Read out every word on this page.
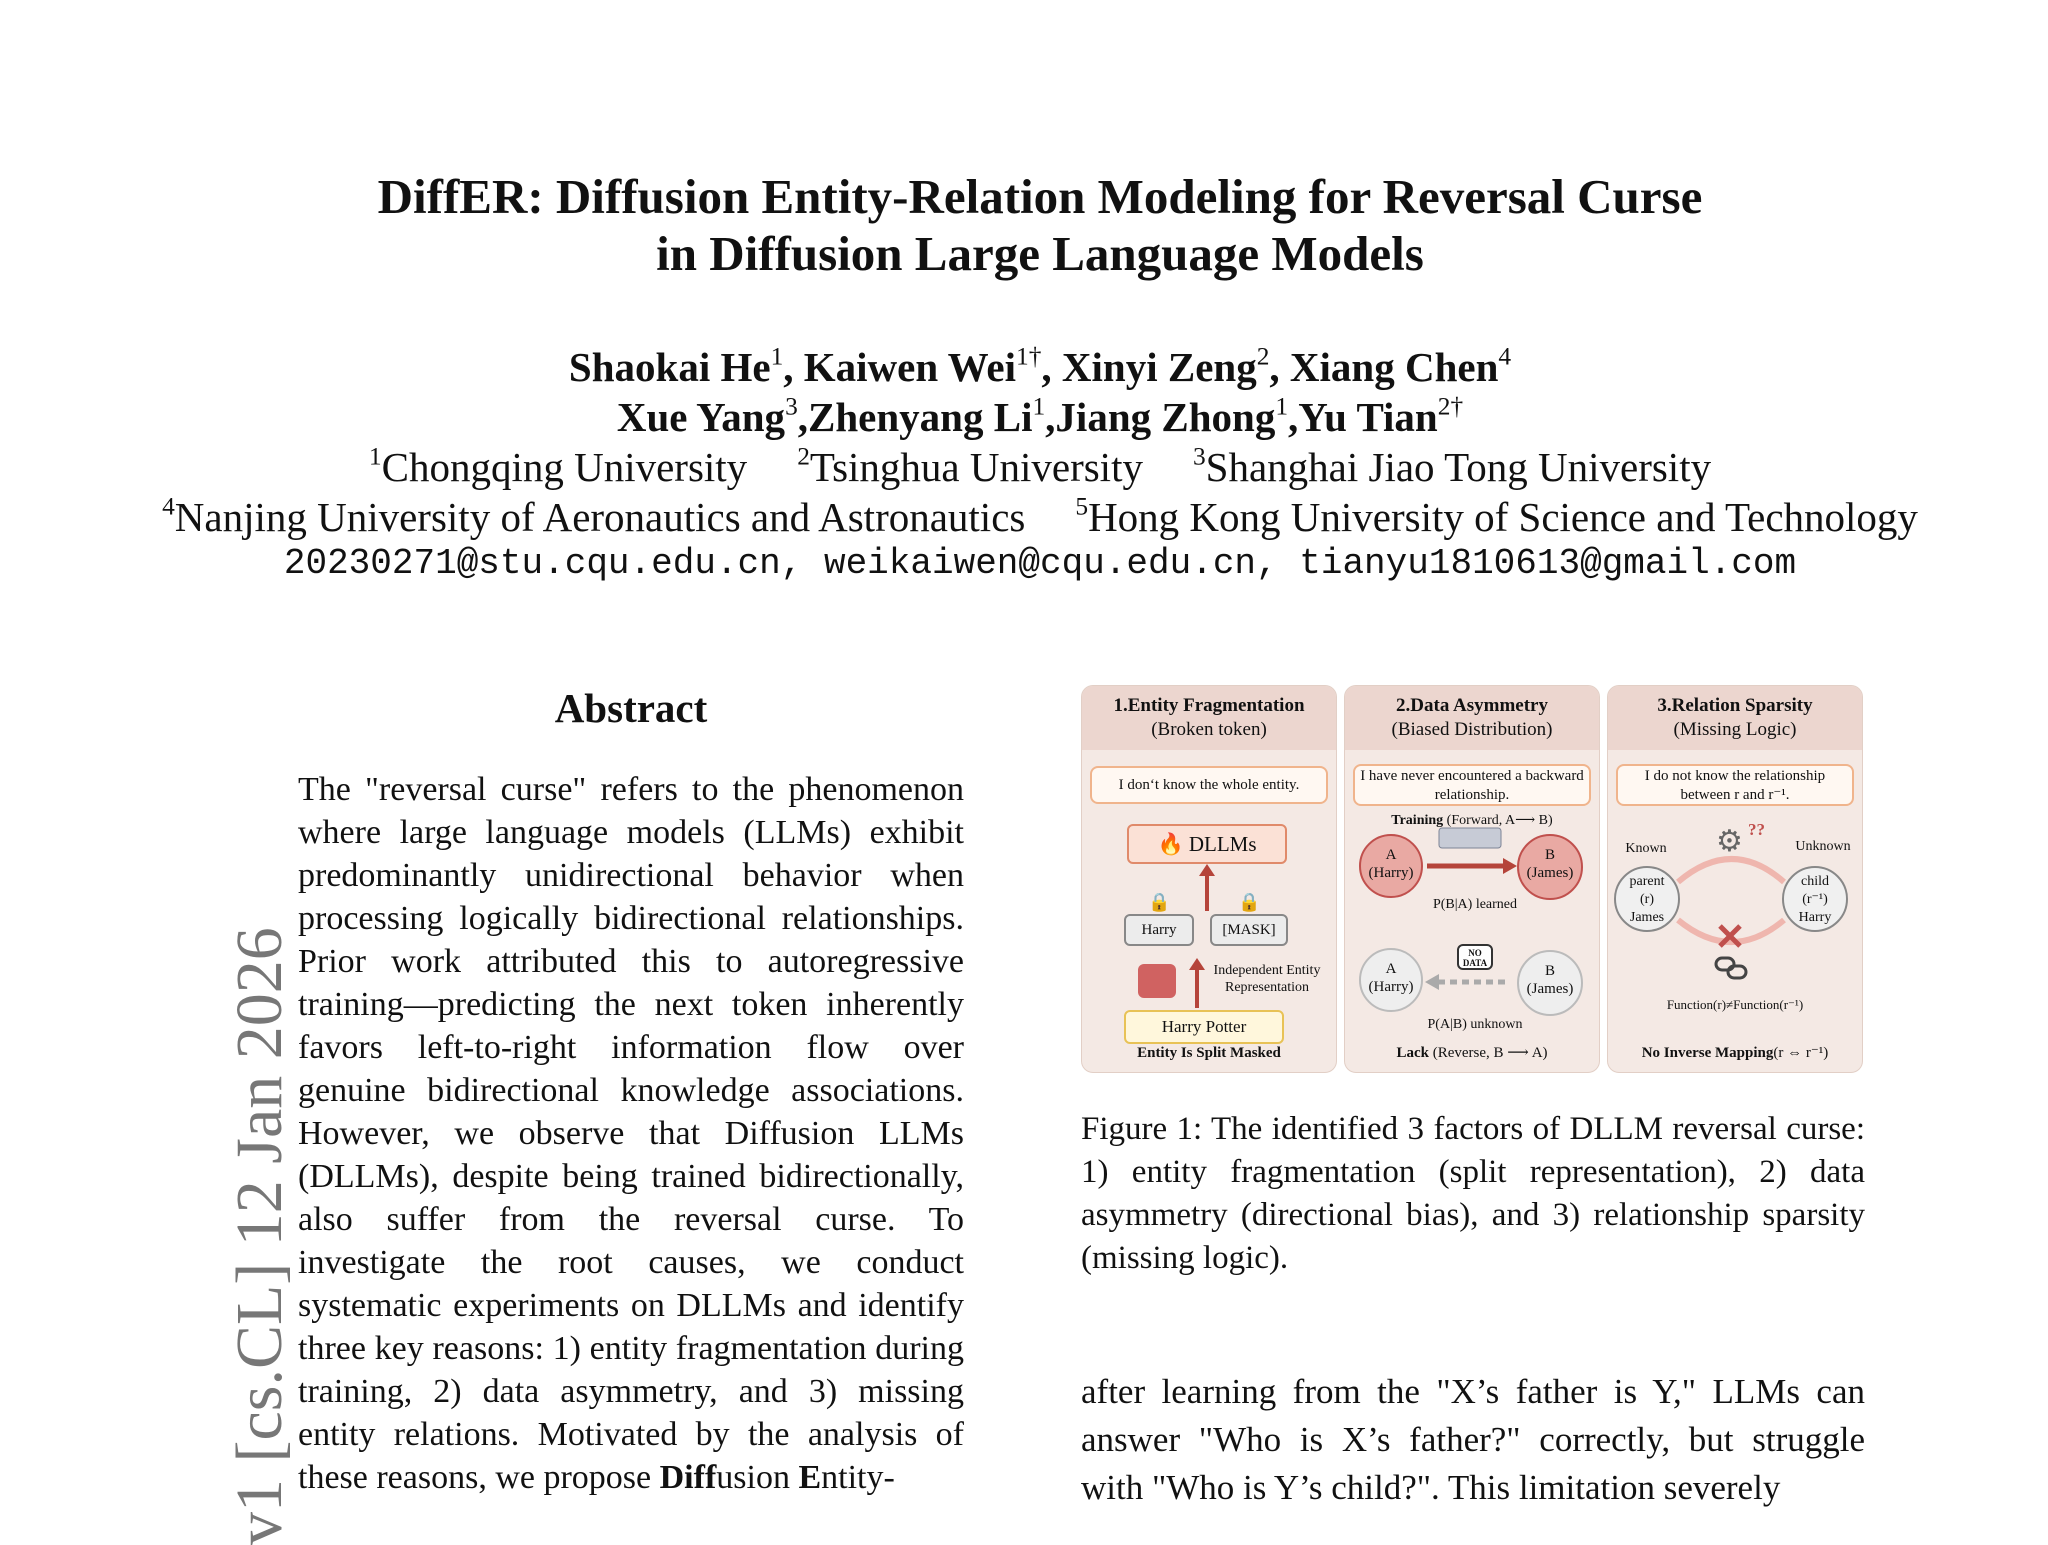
DiffER: Diffusion Entity-Relation Modeling for Reversal Curse
in Diffusion Large Language Models
Shaokai He$^1$, Kaiwen Wei$^{1\dagger}$, Xinyi Zeng$^2$, Xiang Chen$^4$
Xue Yang$^3$,Zhenyang Li$^1$,Jiang Zhong$^1$,Yu Tian$^{2\dagger}$
$^1$Chongqing University $^2$Tsinghua University $^3$Shanghai Jiao Tong University
$^4$Nanjing University of Aeronautics and Astronautics $^5$Hong Kong University of Science and Technology
20230271@stu.cqu.edu.cn, weikaiwen@cqu.edu.cn, tianyu1810613@gmail.com
v1 [cs.CL] 12 Jan 2026
Abstract
The "reversal curse" refers to the phenomenon where large language models (LLMs) exhibit predominantly unidirectional behavior when processing logically bidirectional relationships. Prior work attributed this to autoregressive training—predicting the next token inherently favors left-to-right information flow over genuine bidirectional knowledge associations. However, we observe that Diffusion LLMs (DLLMs), despite being trained bidirectionally, also suffer from the reversal curse. To investigate the root causes, we conduct systematic experiments on DLLMs and identify three key reasons: 1) entity fragmentation during training, 2) data asymmetry, and 3) missing entity relations. Motivated by the analysis of these reasons, we propose Diffusion Entity-
1.Entity Fragmentation
(Broken token)
I don‘t know the whole entity.
🔥 DLLMs
Harry
🔒
[MASK]
🔒
Independent Entity Representation
Harry Potter
Entity Is Split Masked
2.Data Asymmetry
(Biased Distribution)
I have never encountered a backward relationship.
Training (Forward, A⟶ B)
A
(Harry)
B
(James)
P(B|A) learned
A
(Harry)
B
(James)
NO DATA
P(A|B) unknown
Lack (Reverse, B ⟶ A)
3.Relation Sparsity
(Missing Logic)
I do not know the relationship between r and r⁻¹.
Known	Unknown
⚙ ??
parent
(r)
James
child
(r⁻¹)
Harry
Function(r)≠Function(r⁻¹)
No Inverse Mapping(r ⇔ r⁻¹)
Figure 1: The identified 3 factors of DLLM reversal curse: 1) entity fragmentation (split representation), 2) data asymmetry (directional bias), and 3) relationship sparsity (missing logic).
after learning from the "X’s father is Y," LLMs can answer "Who is X’s father?" correctly, but struggle with "Who is Y’s child?". This limitation severely
